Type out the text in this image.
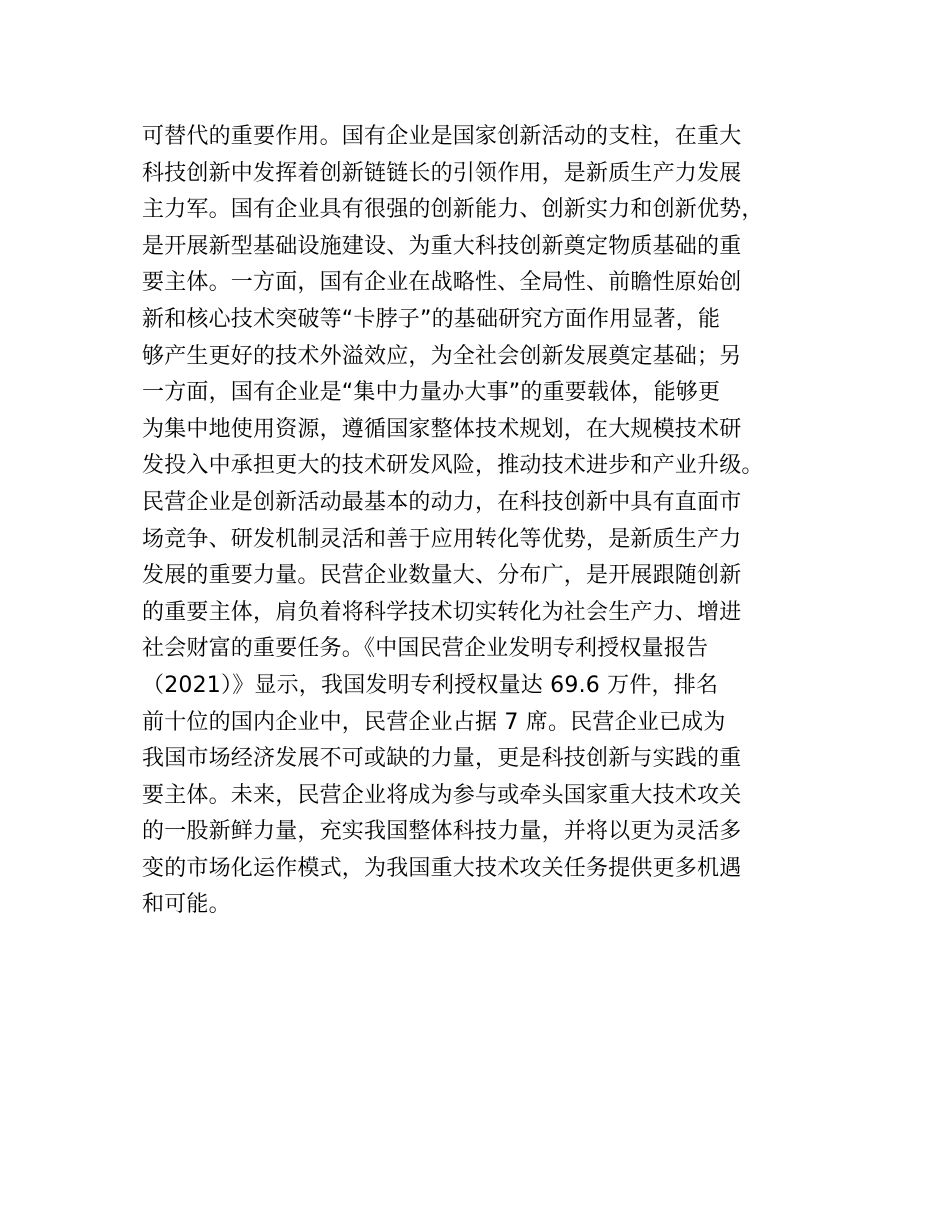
可替代的重要作用。国有企业是国家创新活动的支柱，在重大
科技创新中发挥着创新链链长的引领作用，是新质生产力发展
主力军。国有企业具有很强的创新能力、创新实力和创新优势，
是开展新型基础设施建设、为重大科技创新奠定物质基础的重
要主体。一方面，国有企业在战略性、全局性、前瞻性原始创
新和核心技术突破等“卡脖子”的基础研究方面作用显著，能
够产生更好的技术外溢效应，为全社会创新发展奠定基础；另
一方面，国有企业是“集中力量办大事”的重要载体，能够更
为集中地使用资源，遵循国家整体技术规划，在大规模技术研
发投入中承担更大的技术研发风险，推动技术进步和产业升级。
民营企业是创新活动最基本的动力，在科技创新中具有直面市
场竞争、研发机制灵活和善于应用转化等优势，是新质生产力
发展的重要力量。民营企业数量大、分布广，是开展跟随创新
的重要主体，肩负着将科学技术切实转化为社会生产力、增进
社会财富的重要任务。《中国民营企业发明专利授权量报告
（2021）》显示，我国发明专利授权量达 69.6 万件，排名
前十位的国内企业中，民营企业占据 7 席。民营企业已成为
我国市场经济发展不可或缺的力量，更是科技创新与实践的重
要主体。未来，民营企业将成为参与或牵头国家重大技术攻关
的一股新鲜力量，充实我国整体科技力量，并将以更为灵活多
变的市场化运作模式，为我国重大技术攻关任务提供更多机遇
和可能。
